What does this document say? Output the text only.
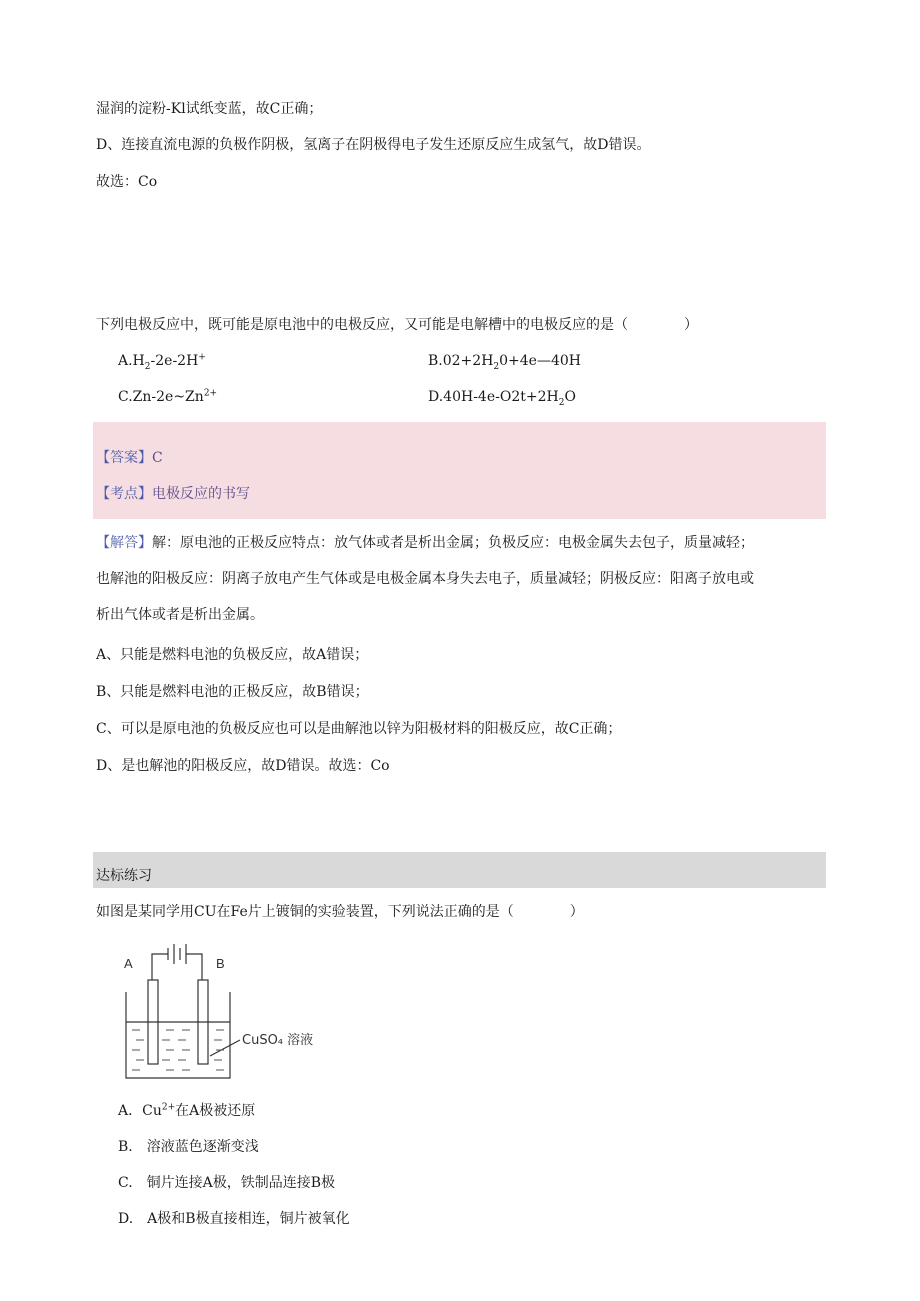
湿润的淀粉-Kl试纸变蓝，故C正确；
D、连接直流电源的负极作阴极，氢离子在阴极得电子发生还原反应生成氢气，故D错误。
故选：Co
下列电极反应中，既可能是原电池中的电极反应，又可能是电解槽中的电极反应的是（　　　　）
$A.H_2-2e-2H^+$	$B.02+2H_20+4e—40H$
$C.Zn-2e\sim Zn^{2+}$	$D.40H-4e-O2t+2H_2O$
【答案】C
【考点】电极反应的书写
【解答】解：原电池的正极反应特点：放气体或者是析出金属；负极反应：电极金属失去包子，质量减轻；
也解池的阳极反应：阴离子放电产生气体或是电极金属本身失去电子，质量减轻；阴极反应：阳离子放电或
析出气体或者是析出金属。
A、只能是燃料电池的负极反应，故A错误；
B、只能是燃料电池的正极反应，故B错误；
C、可以是原电池的负极反应也可以是曲解池以锌为阳极材料的阳极反应，故C正确；
D、是也解池的阳极反应，故D错误。故选：Co
达标练习
如图是某同学用CU在Fe片上镀铜的实验装置，下列说法正确的是（　　　　）
A	B
CuSO₄ 溶液
A．$Cu^{2+}$在A极被还原
B.　溶液蓝色逐渐变浅
C.　铜片连接A极，铁制品连接B极
D.　A极和B极直接相连，铜片被氧化
